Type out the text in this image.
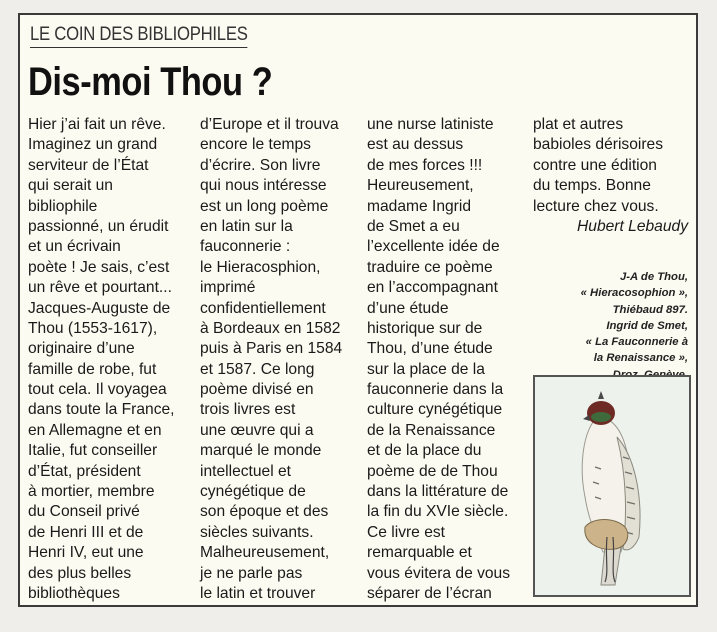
LE COIN DES BIBLIOPHILES
Dis-moi Thou ?
Hier j’ai fait un rêve.
Imaginez un grand
serviteur de l’État
qui serait un
bibliophile
passionné, un érudit
et un écrivain
poète ! Je sais, c’est
un rêve et pourtant...
Jacques-Auguste de
Thou (1553-1617),
originaire d’une
famille de robe, fut
tout cela. Il voyagea
dans toute la France,
en Allemagne et en
Italie, fut conseiller
d’État, président
à mortier, membre
du Conseil privé
de Henri III et de
Henri IV, eut une
des plus belles
bibliothèques
d’Europe et il trouva
encore le temps
d’écrire. Son livre
qui nous intéresse
est un long poème
en latin sur la
fauconnerie :
le Hieracosphion,
imprimé
confidentiellement
à Bordeaux en 1582
puis à Paris en 1584
et 1587. Ce long
poème divisé en
trois livres est
une œuvre qui a
marqué le monde
intellectuel et
cynégétique de
son époque et des
siècles suivants.
Malheureusement,
je ne parle pas
le latin et trouver
une nurse latiniste
est au dessus
de mes forces !!!
Heureusement,
madame Ingrid
de Smet a eu
l’excellente idée de
traduire ce poème
en l’accompagnant
d’une étude
historique sur de
Thou, d’une étude
sur la place de la
fauconnerie dans la
culture cynégétique
de la Renaissance
et de la place du
poème de de Thou
dans la littérature de
la fin du XVIe siècle.
Ce livre est
remarquable et
vous évitera de vous
séparer de l’écran
plat et autres
babioles dérisoires
contre une édition
du temps. Bonne
lecture chez vous.
Hubert Lebaudy
J-A de Thou,
« Hieracosophion »,
Thiébaud 897.
Ingrid de Smet,
« La Fauconnerie à
la Renaissance »,
